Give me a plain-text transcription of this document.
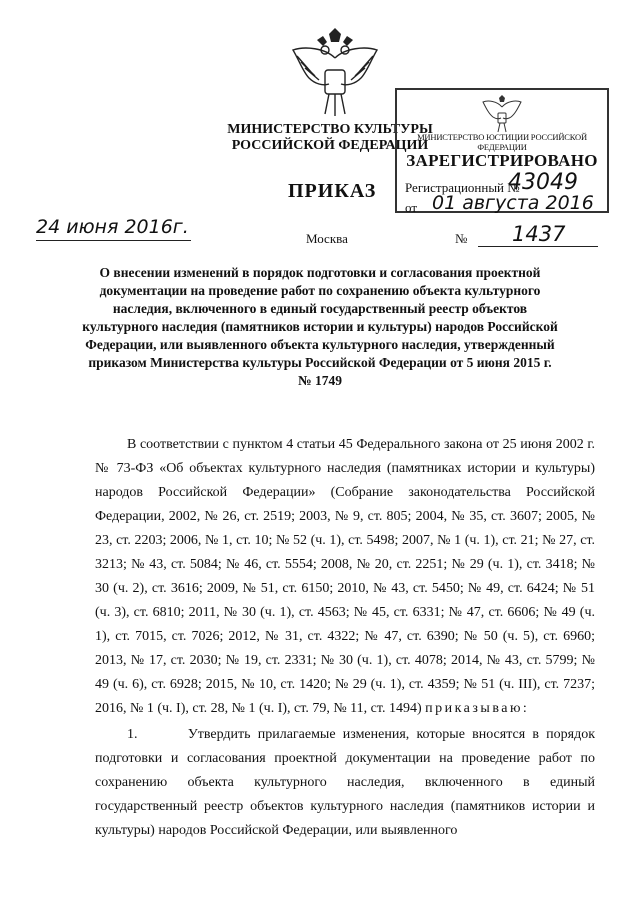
МИНИСТЕРСТВО КУЛЬТУРЫ
РОССИЙСКОЙ ФЕДЕРАЦИИ
МИНИСТЕРСТВО ЮСТИЦИИ РОССИЙСКОЙ ФЕДЕРАЦИИ
ЗАРЕГИСТРИРОВАНО
Регистрационный №
43049
от 01 августа 2016
ПРИКАЗ
24 июня 2016г.
Москва	№ 1437
О внесении изменений в порядок подготовки и согласования проектной документации на проведение работ по сохранению объекта культурного наследия, включенного в единый государственный реестр объектов культурного наследия (памятников истории и культуры) народов Российской Федерации, или выявленного объекта культурного наследия, утвержденный приказом Министерства культуры Российской Федерации от 5 июня 2015 г. № 1749

В соответствии с пунктом 4 статьи 45 Федерального закона от 25 июня 2002 г. № 73-ФЗ «Об объектах культурного наследия (памятниках истории и культуры) народов Российской Федерации» (Собрание законодательства Российской Федерации, 2002, № 26, ст. 2519; 2003, № 9, ст. 805; 2004, № 35, ст. 3607; 2005, № 23, ст. 2203; 2006, № 1, ст. 10; № 52 (ч. 1), ст. 5498; 2007, № 1 (ч. 1), ст. 21; № 27, ст. 3213; № 43, ст. 5084; № 46, ст. 5554; 2008, № 20, ст. 2251; № 29 (ч. 1), ст. 3418; № 30 (ч. 2), ст. 3616; 2009, № 51, ст. 6150; 2010, № 43, ст. 5450; № 49, ст. 6424; № 51 (ч. 3), ст. 6810; 2011, № 30 (ч. 1), ст. 4563; № 45, ст. 6331; № 47, ст. 6606; № 49 (ч. 1), ст. 7015, ст. 7026; 2012, № 31, ст. 4322; № 47, ст. 6390; № 50 (ч. 5), ст. 6960; 2013, № 17, ст. 2030; № 19, ст. 2331; № 30 (ч. 1), ст. 4078; 2014, № 43, ст. 5799; № 49 (ч. 6), ст. 6928; 2015, № 10, ст. 1420; № 29 (ч. 1), ст. 4359; № 51 (ч. III), ст. 7237; 2016, № 1 (ч. I), ст. 28, № 1 (ч. I), ст. 79, № 11, ст. 1494) приказываю:

1.	Утвердить прилагаемые изменения, которые вносятся в порядок подготовки и согласования проектной документации на проведение работ по сохранению объекта культурного наследия, включенного в единый государственный реестр объектов культурного наследия (памятников истории и культуры) народов Российской Федерации, или выявленного
